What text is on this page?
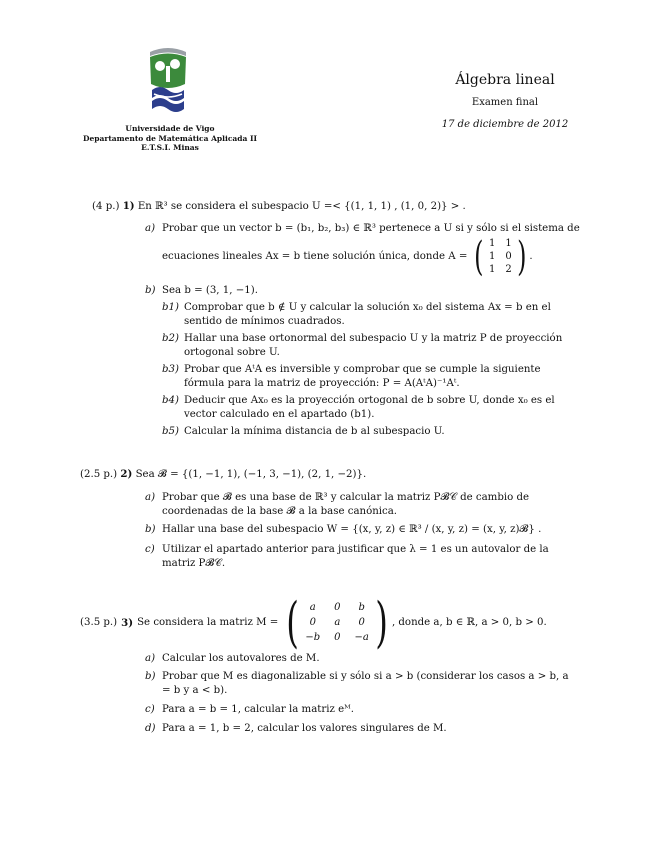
Universidade de Vigo
Departamento de Matemática Aplicada II
E.T.S.I. Minas
Álgebra lineal
Examen final
17 de diciembre de 2012
(4 p.) 1) En ℝ³ se considera el subespacio U =< {(1, 1, 1) , (1, 0, 2)} > .
a) Probar que un vector b = (b₁, b₂, b₃) ∈ ℝ³ pertenece a U si y sólo si el sistema de
ecuaciones lineales Ax = b tiene solución única, donde A = ( 1 1
1 0
1 2 ) .
b) Sea b = (3, 1, −1).
b1) Comprobar que b ∉ U y calcular la solución x₀ del sistema Ax = b en el sentido de mínimos cuadrados.
b2) Hallar una base ortonormal del subespacio U y la matriz P de proyección ortogonal sobre U.
b3) Probar que AᵗA es inversible y comprobar que se cumple la siguiente fórmula para la matriz de proyección: P = A(AᵗA)⁻¹Aᵗ.
b4) Deducir que Ax₀ es la proyección ortogonal de b sobre U, donde x₀ es el vector calculado en el apartado (b1).
b5) Calcular la mínima distancia de b al subespacio U.
(2.5 p.) 2) Sea 𝓑 = {(1, −1, 1), (−1, 3, −1), (2, 1, −2)}.
a) Probar que 𝓑 es una base de ℝ³ y calcular la matriz P𝓑𝒞 de cambio de coordenadas de la base 𝓑 a la base canónica.
b) Hallar una base del subespacio W = {(x, y, z) ∈ ℝ³ / (x, y, z) = (x, y, z)𝓑} .
c) Utilizar el apartado anterior para justificar que λ = 1 es un autovalor de la matriz P𝓑𝒞.
(3.5 p.) 3) Se considera la matriz M = (	a	0	b
0	a	0
−b 0 −a ) , donde a, b ∈ ℝ, a > 0, b > 0.
a) Calcular los autovalores de M.
b) Probar que M es diagonalizable si y sólo si a > b (considerar los casos a > b, a = b y a < b).
c) Para a = b = 1, calcular la matriz eᴹ.
d) Para a = 1, b = 2, calcular los valores singulares de M.
